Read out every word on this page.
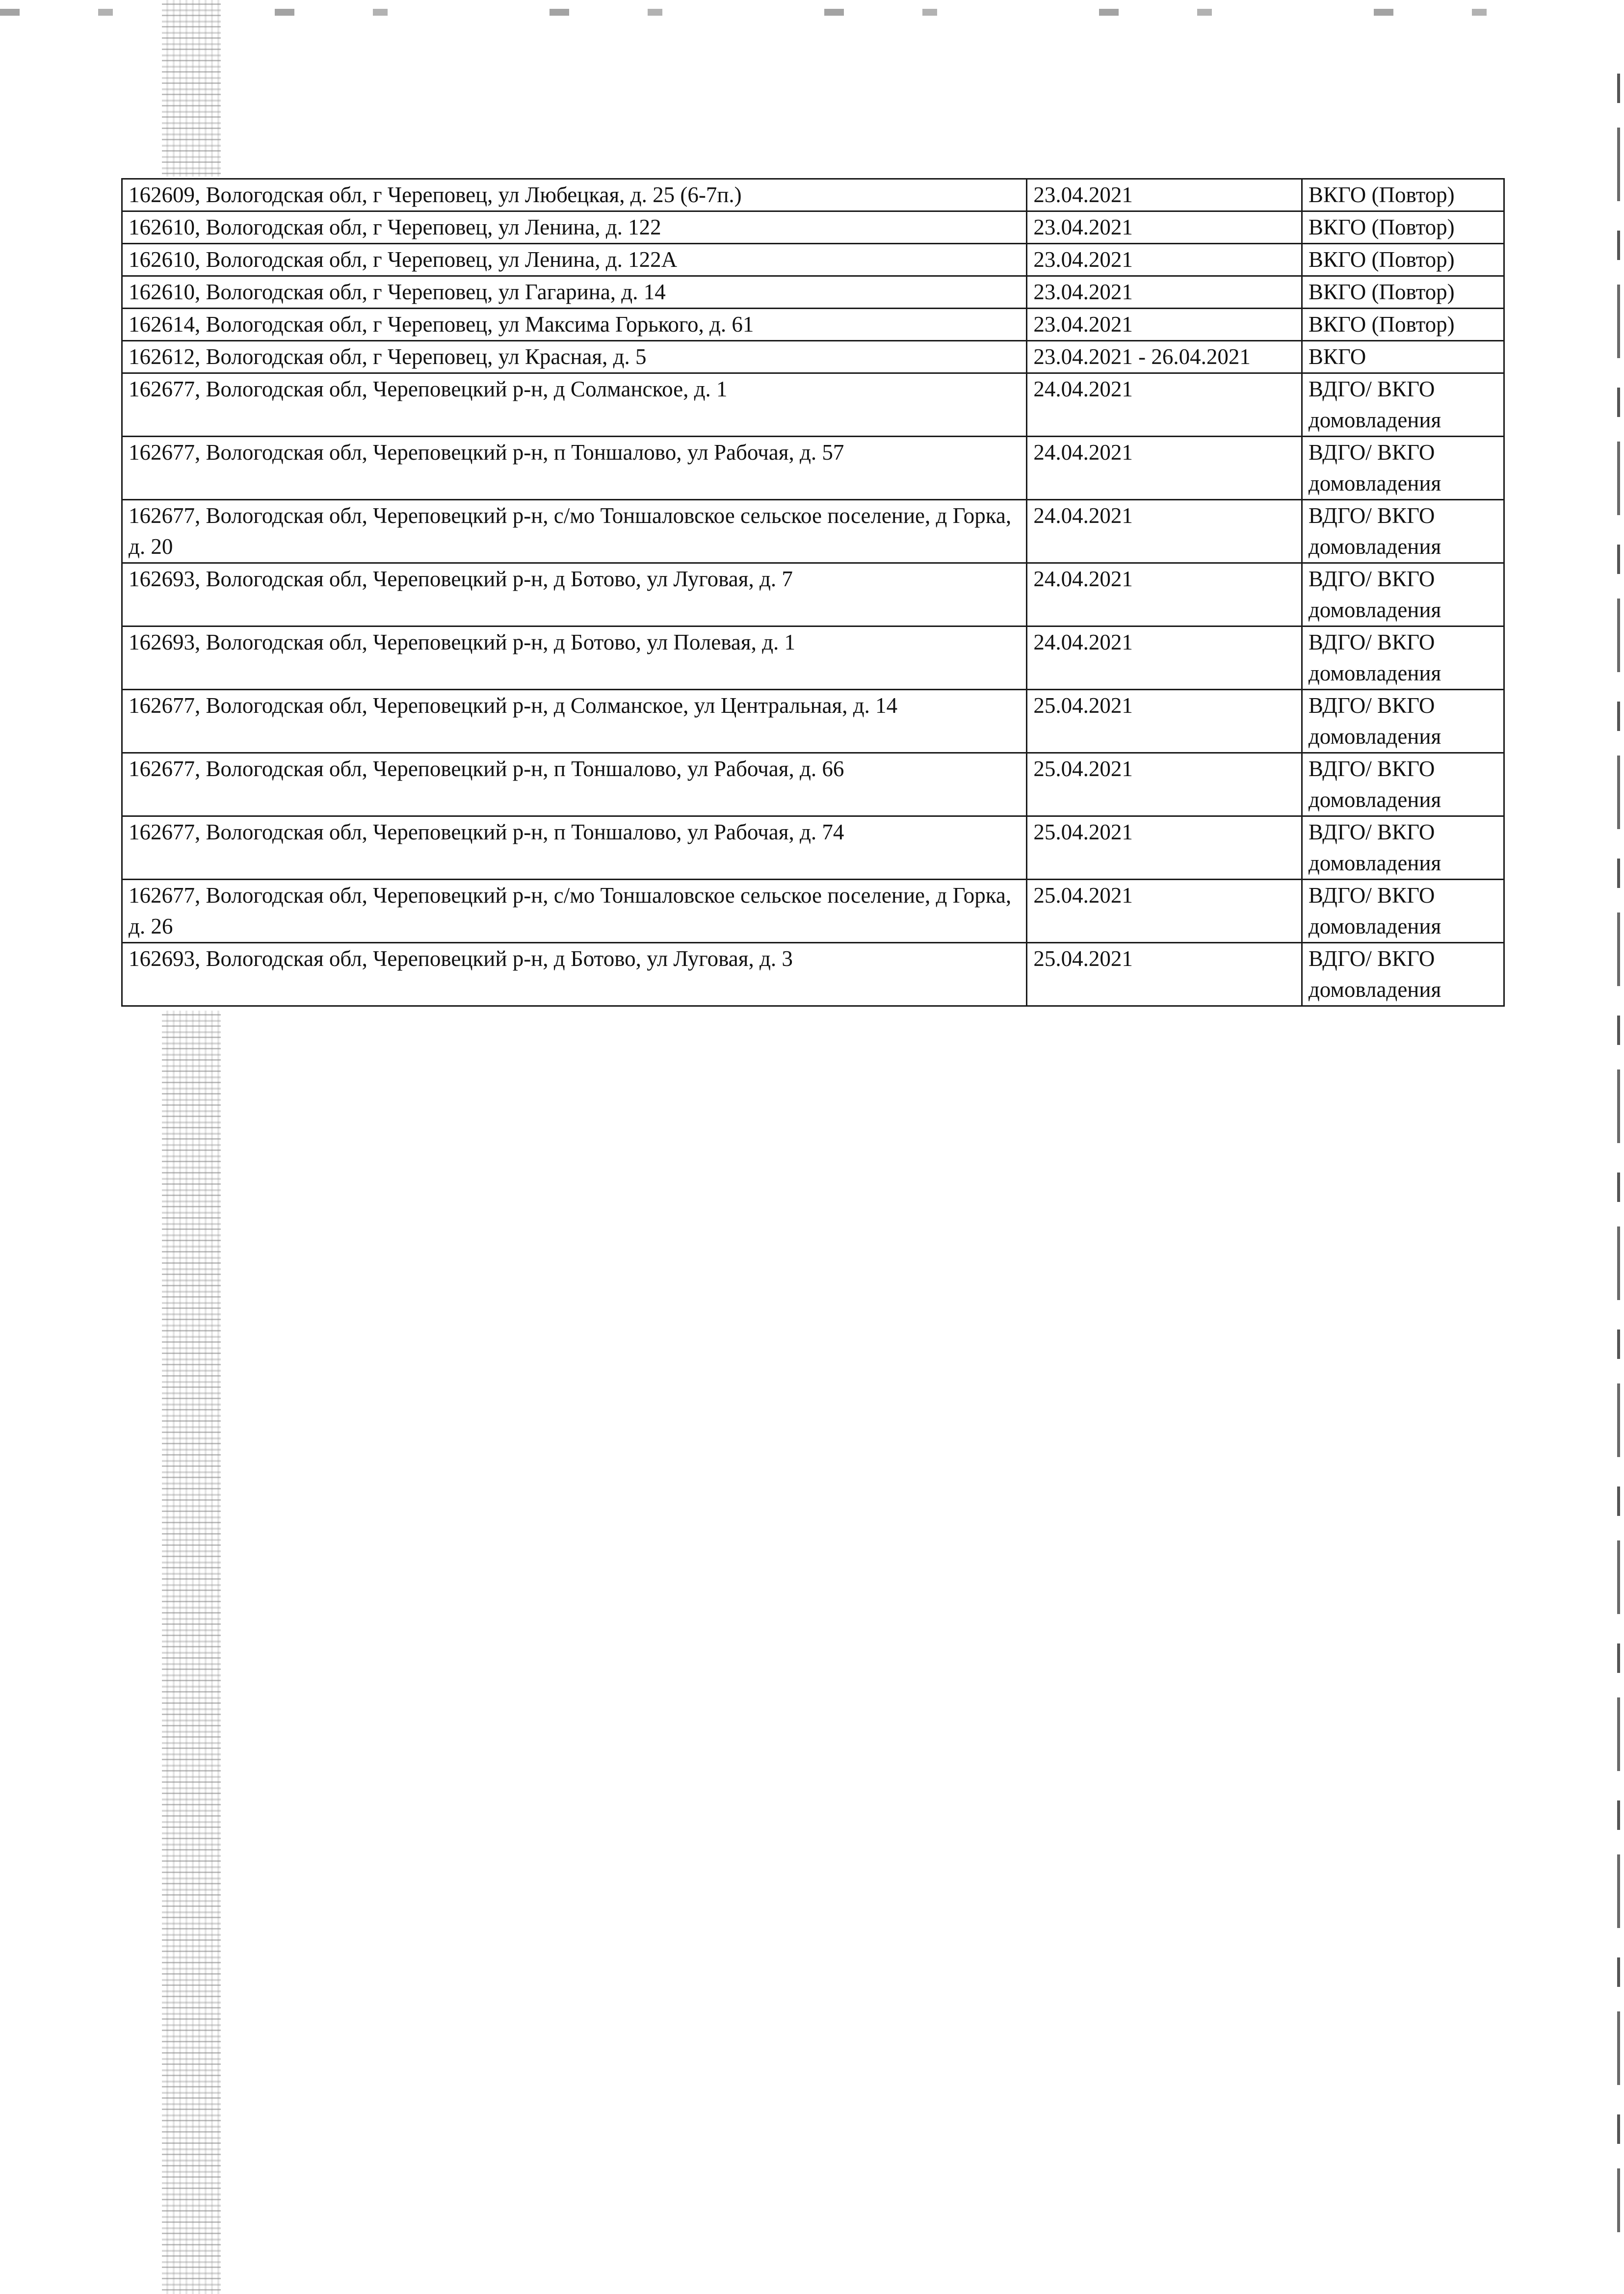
162609, Вологодская обл, г Череповец, ул Любецкая, д. 25 (6-7п.)	23.04.2021	ВКГО (Повтор)

162610, Вологодская обл, г Череповец, ул Ленина, д. 122	23.04.2021	ВКГО (Повтор)

162610, Вологодская обл, г Череповец, ул Ленина, д. 122А	23.04.2021	ВКГО (Повтор)

162610, Вологодская обл, г Череповец, ул Гагарина, д. 14	23.04.2021	ВКГО (Повтор)

162614, Вологодская обл, г Череповец, ул Максима Горького, д. 61	23.04.2021	ВКГО (Повтор)

162612, Вологодская обл, г Череповец, ул Красная, д. 5	23.04.2021 - 26.04.2021	ВКГО

162677, Вологодская обл, Череповецкий р-н, д Солманское, д. 1	24.04.2021	ВДГО/ ВКГО
домовладения

162677, Вологодская обл, Череповецкий р-н, п Тоншалово, ул Рабочая, д. 57	24.04.2021	ВДГО/ ВКГО
домовладения

162677, Вологодская обл, Череповецкий р-н, с/мо Тоншаловское сельское поселение, д Горка, д. 20	24.04.2021	ВДГО/ ВКГО
домовладения

162693, Вологодская обл, Череповецкий р-н, д Ботово, ул Луговая, д. 7	24.04.2021	ВДГО/ ВКГО
домовладения

162693, Вологодская обл, Череповецкий р-н, д Ботово, ул Полевая, д. 1	24.04.2021	ВДГО/ ВКГО
домовладения

162677, Вологодская обл, Череповецкий р-н, д Солманское, ул Центральная, д. 14	25.04.2021	ВДГО/ ВКГО
домовладения

162677, Вологодская обл, Череповецкий р-н, п Тоншалово, ул Рабочая, д. 66	25.04.2021	ВДГО/ ВКГО
домовладения

162677, Вологодская обл, Череповецкий р-н, п Тоншалово, ул Рабочая, д. 74	25.04.2021	ВДГО/ ВКГО
домовладения

162677, Вологодская обл, Череповецкий р-н, с/мо Тоншаловское сельское поселение, д Горка, д. 26	25.04.2021	ВДГО/ ВКГО
домовладения

162693, Вологодская обл, Череповецкий р-н, д Ботово, ул Луговая, д. 3	25.04.2021	ВДГО/ ВКГО
домовладения
